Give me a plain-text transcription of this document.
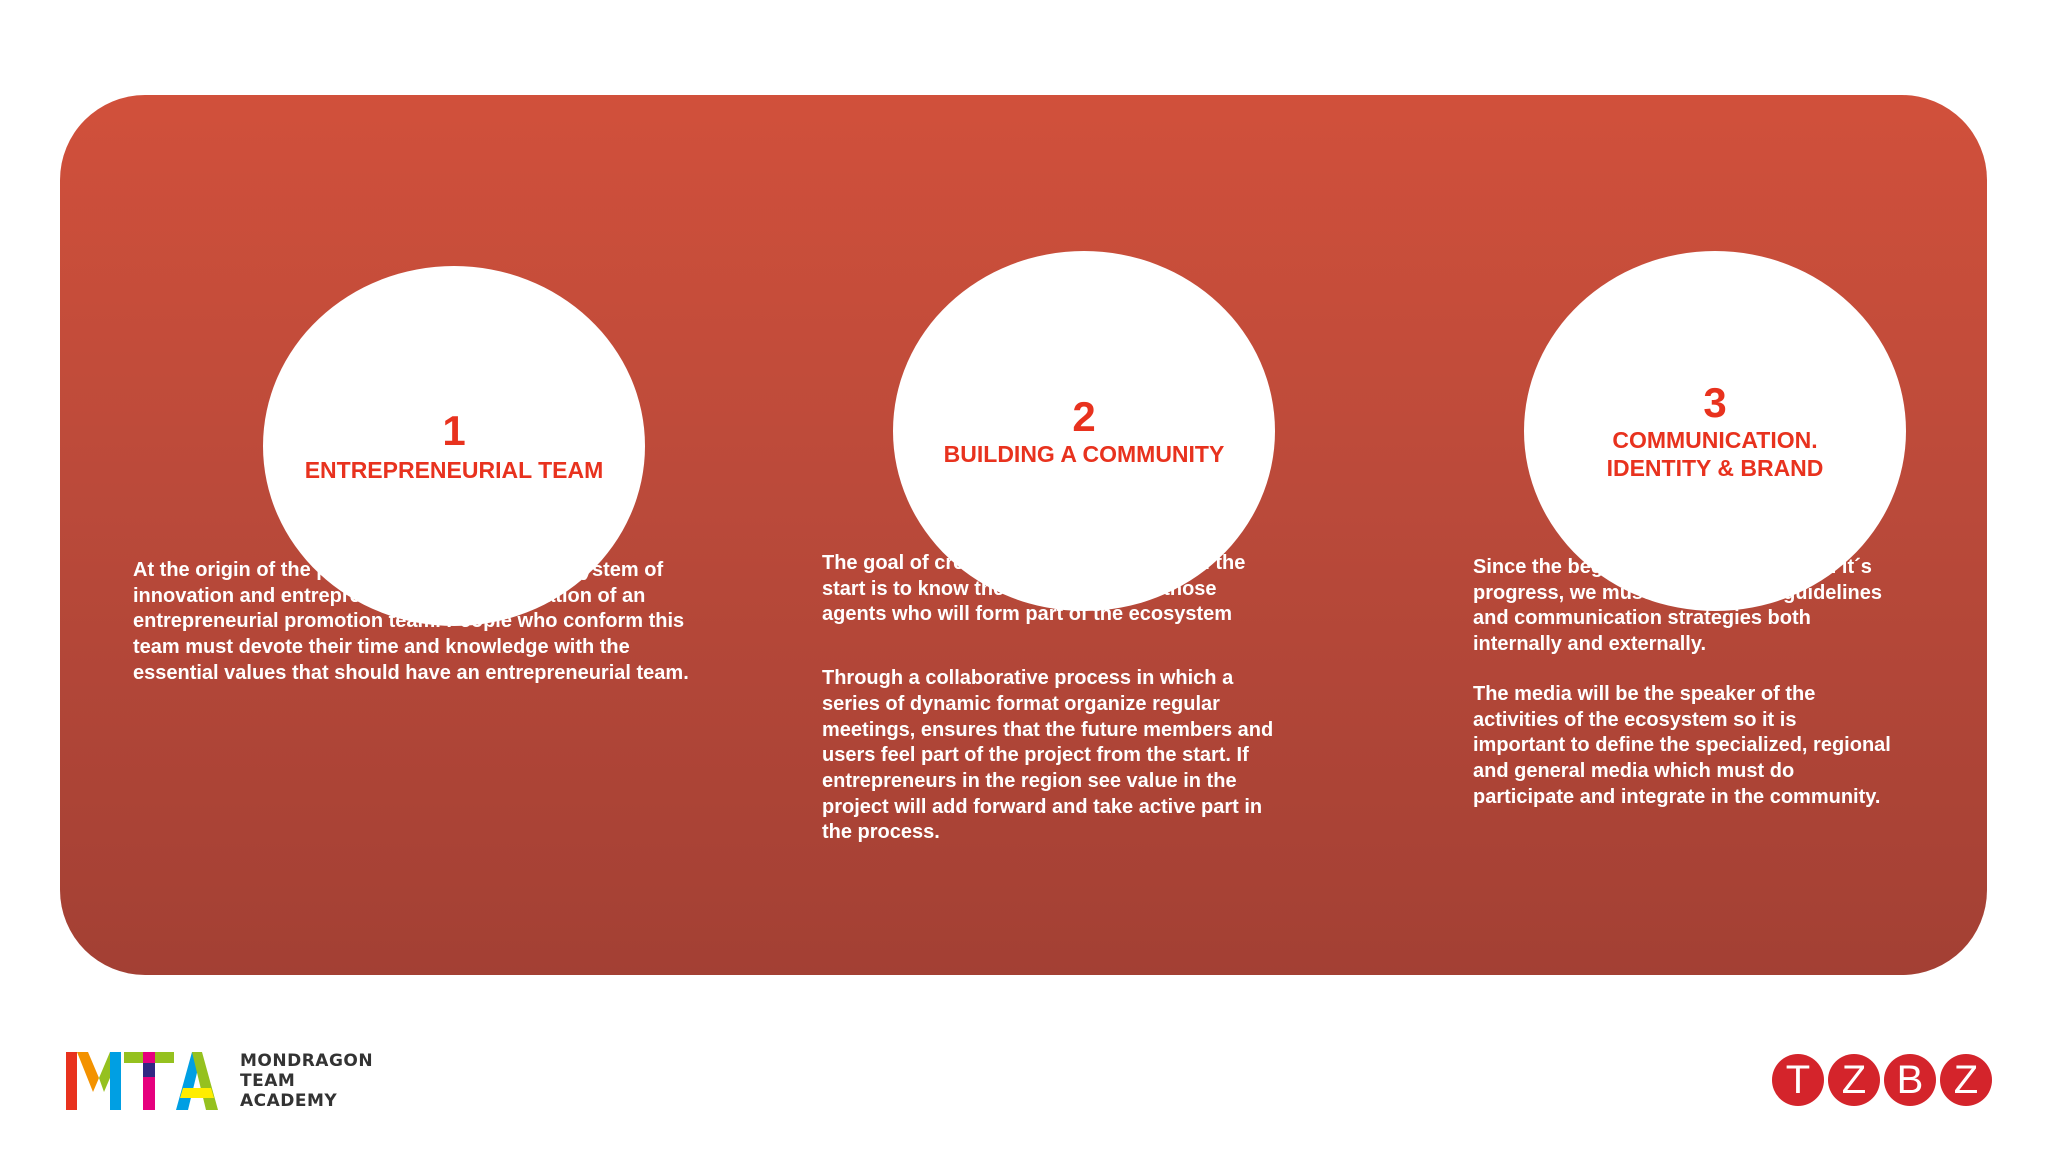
1
ENTREPRENEURIAL TEAM
2
BUILDING A COMMUNITY
3
COMMUNICATION.
IDENTITY & BRAND

At the origin of the process of creating an ecosystem of innovation and entrepreneurship, is the creation of an entrepreneurial promotion team. People who conform this team must devote their time and knowledge with the essential values that should have an entrepreneurial team.

The goal of creating the community from the start is to know the real need for all those agents who will form part of the ecosystem

Through a collaborative process in which a series of dynamic format organize regular meetings, ensures that the future members and users feel part of the project from the start. If entrepreneurs in the region see value in the project will add forward and take active part in the process.

Since the beginning of the project and it´s progress, we must establish the guidelines and communication strategies both internally and externally.

The media will be the speaker of the activities of the ecosystem so it is important to define the specialized, regional and general media which must do participate and integrate in the community.

MONDRAGON
TEAM
ACADEMY	T Z B Z
